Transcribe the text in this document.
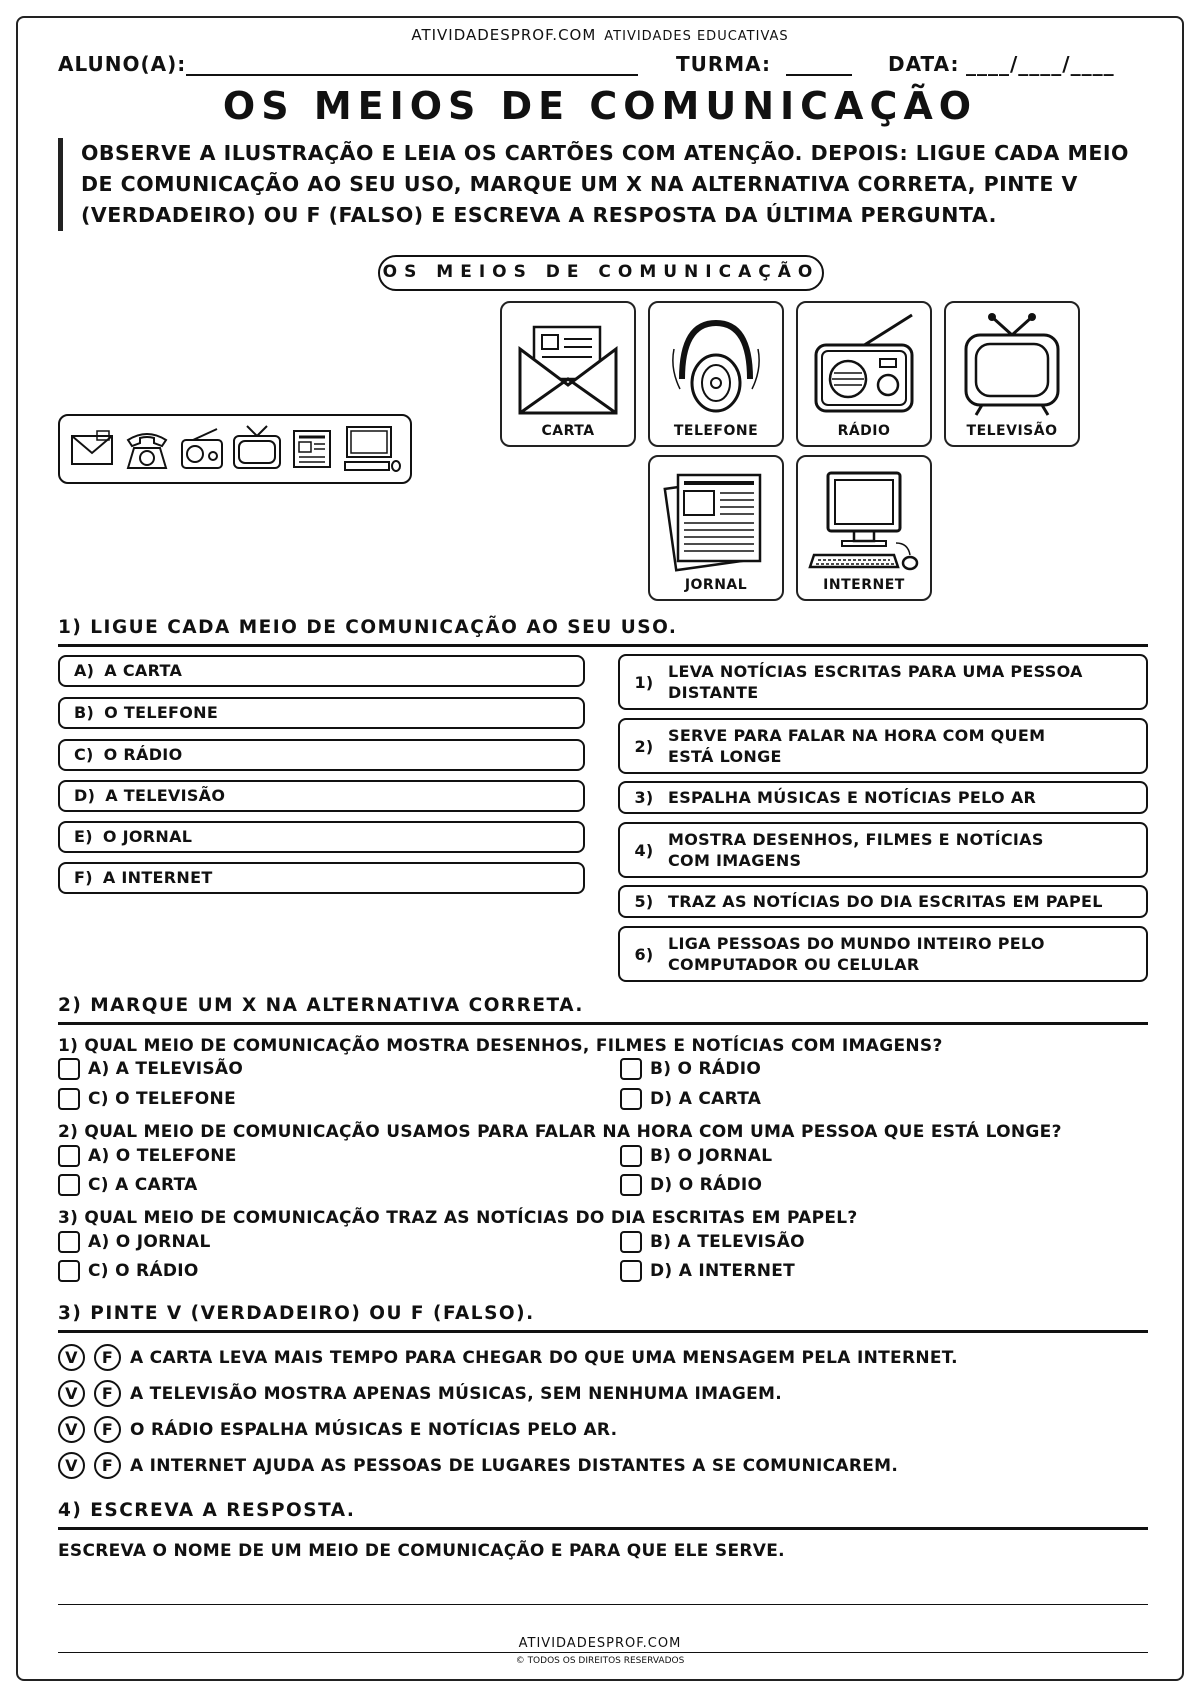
ATIVIDADESPROF.COM ATIVIDADES EDUCATIVAS
ALUNO(A):	TURMA:	DATA: ____/____/____
OS MEIOS DE COMUNICAÇÃO
OBSERVE A ILUSTRAÇÃO E LEIA OS CARTÕES COM ATENÇÃO. DEPOIS: LIGUE CADA MEIO DE COMUNICAÇÃO AO SEU USO, MARQUE UM X NA ALTERNATIVA CORRETA, PINTE V (VERDADEIRO) OU F (FALSO) E ESCREVA A RESPOSTA DA ÚLTIMA PERGUNTA.
OS MEIOS DE COMUNICAÇÃO
CARTA	TELEFONE	RÁDIO	TELEVISÃO
JORNAL	INTERNET
1) LIGUE CADA MEIO DE COMUNICAÇÃO AO SEU USO.
A) A CARTA
B) O TELEFONE
C) O RÁDIO
D) A TELEVISÃO
E) O JORNAL
F) A INTERNET
1)
LEVA NOTÍCIAS ESCRITAS PARA UMA PESSOA DISTANTE
2)
SERVE PARA FALAR NA HORA COM QUEM ESTÁ LONGE
3) ESPALHA MÚSICAS E NOTÍCIAS PELO AR
4)
MOSTRA DESENHOS, FILMES E NOTÍCIAS COM IMAGENS
5) TRAZ AS NOTÍCIAS DO DIA ESCRITAS EM PAPEL
6)
LIGA PESSOAS DO MUNDO INTEIRO PELO COMPUTADOR OU CELULAR
2) MARQUE UM X NA ALTERNATIVA CORRETA.
1) QUAL MEIO DE COMUNICAÇÃO MOSTRA DESENHOS, FILMES E NOTÍCIAS COM IMAGENS?
A) A TELEVISÃO	B) O RÁDIO
C) O TELEFONE	D) A CARTA
2) QUAL MEIO DE COMUNICAÇÃO USAMOS PARA FALAR NA HORA COM UMA PESSOA QUE ESTÁ LONGE?
A) O TELEFONE	B) O JORNAL
C) A CARTA	D) O RÁDIO
3) QUAL MEIO DE COMUNICAÇÃO TRAZ AS NOTÍCIAS DO DIA ESCRITAS EM PAPEL?
A) O JORNAL	B) A TELEVISÃO
C) O RÁDIO	D) A INTERNET
3) PINTE V (VERDADEIRO) OU F (FALSO).
V	F A CARTA LEVA MAIS TEMPO PARA CHEGAR DO QUE UMA MENSAGEM PELA INTERNET.
V	F A TELEVISÃO MOSTRA APENAS MÚSICAS, SEM NENHUMA IMAGEM.
V	F O RÁDIO ESPALHA MÚSICAS E NOTÍCIAS PELO AR.
V	F A INTERNET AJUDA AS PESSOAS DE LUGARES DISTANTES A SE COMUNICAREM.
4) ESCREVA A RESPOSTA.
ESCREVA O NOME DE UM MEIO DE COMUNICAÇÃO E PARA QUE ELE SERVE.
ATIVIDADESPROF.COM
© TODOS OS DIREITOS RESERVADOS
